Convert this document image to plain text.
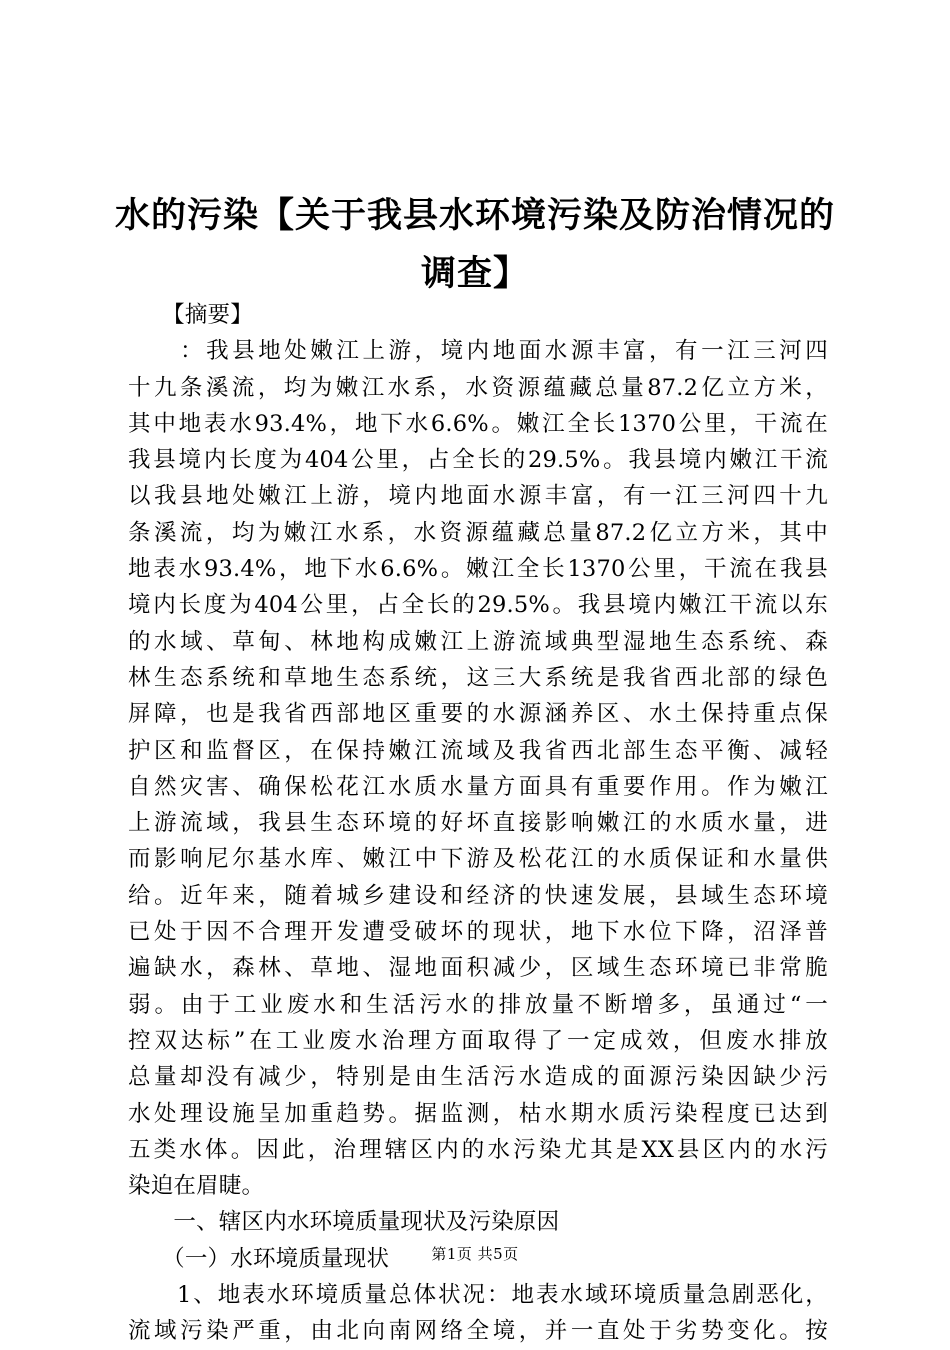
水的污染【关于我县水环境污染及防治情况的
调查】
　　【摘要】
　　：我县地处嫩江上游，境内地面水源丰富，有一江三河四
十九条溪流，均为嫩江水系，水资源蕴藏总量87.2亿立方米，
其中地表水93.4%，地下水6.6%。嫩江全长1370公里，干流在
我县境内长度为404公里，占全长的29.5%。我县境内嫩江干流
以我县地处嫩江上游，境内地面水源丰富，有一江三河四十九
条溪流，均为嫩江水系，水资源蕴藏总量87.2亿立方米，其中
地表水93.4%，地下水6.6%。嫩江全长1370公里，干流在我县
境内长度为404公里，占全长的29.5%。我县境内嫩江干流以东
的水域、草甸、林地构成嫩江上游流域典型湿地生态系统、森
林生态系统和草地生态系统，这三大系统是我省西北部的绿色
屏障，也是我省西部地区重要的水源涵养区、水土保持重点保
护区和监督区，在保持嫩江流域及我省西北部生态平衡、减轻
自然灾害、确保松花江水质水量方面具有重要作用。作为嫩江
上游流域，我县生态环境的好坏直接影响嫩江的水质水量，进
而影响尼尔基水库、嫩江中下游及松花江的水质保证和水量供
给。近年来，随着城乡建设和经济的快速发展，县域生态环境
已处于因不合理开发遭受破坏的现状，地下水位下降，沼泽普
遍缺水，森林、草地、湿地面积减少，区域生态环境已非常脆
弱。由于工业废水和生活污水的排放量不断增多，虽通过“一
控双达标”在工业废水治理方面取得了一定成效，但废水排放
总量却没有减少，特别是由生活污水造成的面源污染因缺少污
水处理设施呈加重趋势。据监测，枯水期水质污染程度已达到
五类水体。因此，治理辖区内的水污染尤其是XX县区内的水污
染迫在眉睫。
　　一、辖区内水环境质量现状及污染原因
　　（一）水环境质量现状
　　1、地表水环境质量总体状况：地表水域环境质量急剧恶化，
流域污染严重，由北向南网络全境，并一直处于劣势变化。按
第1页 共5页
